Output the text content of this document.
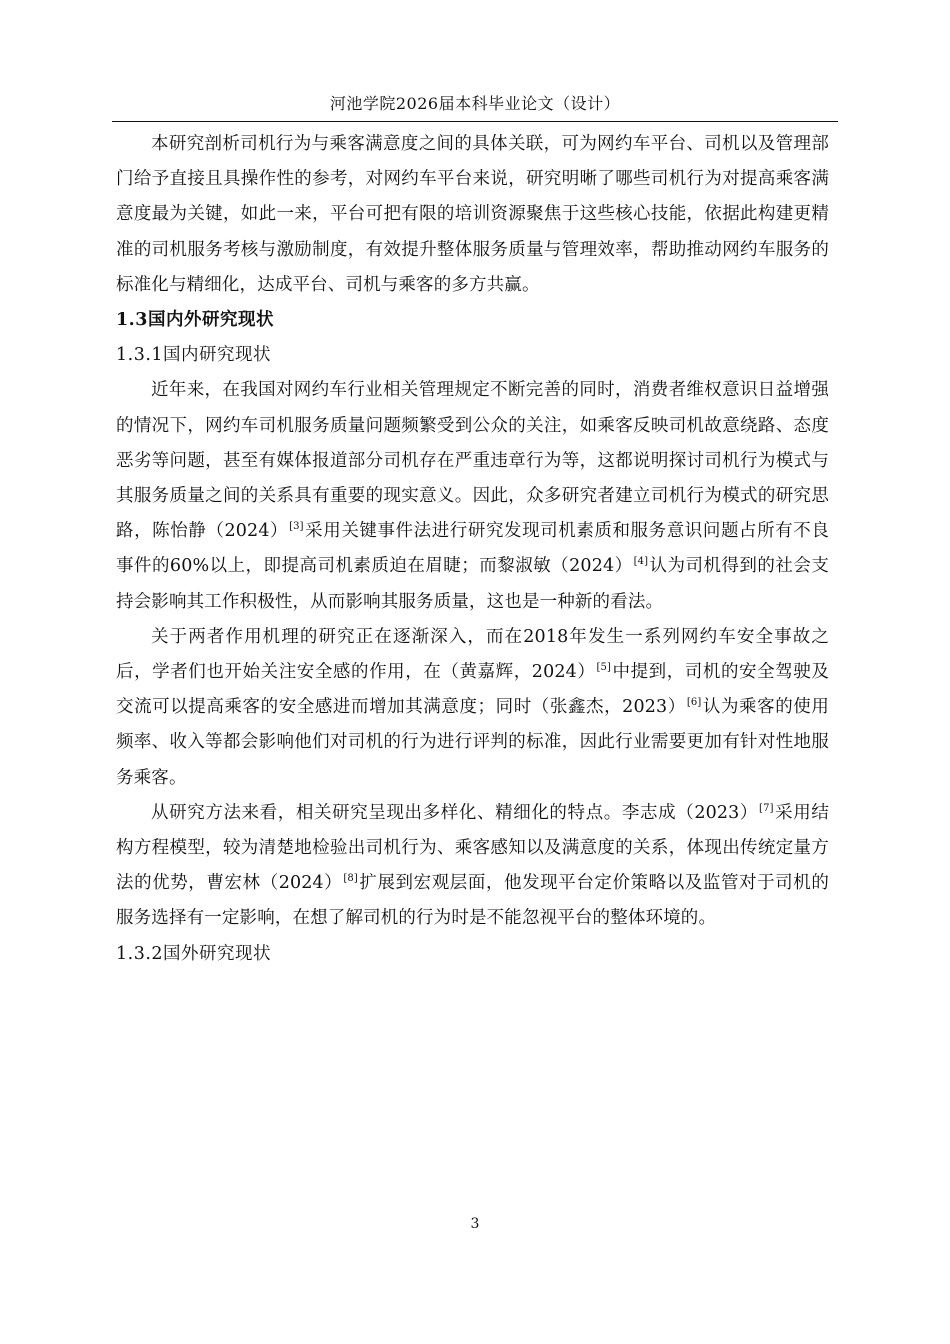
河池学院2026届本科毕业论文（设计）

本研究剖析司机行为与乘客满意度之间的具体关联，可为网约车平台、司机以及管理部门给予直接且具操作性的参考，对网约车平台来说，研究明晰了哪些司机行为对提高乘客满意度最为关键，如此一来，平台可把有限的培训资源聚焦于这些核心技能，依据此构建更精准的司机服务考核与激励制度，有效提升整体服务质量与管理效率，帮助推动网约车服务的标准化与精细化，达成平台、司机与乘客的多方共赢。

1.3国内外研究现状

1.3.1国内研究现状

近年来，在我国对网约车行业相关管理规定不断完善的同时，消费者维权意识日益增强的情况下，网约车司机服务质量问题频繁受到公众的关注，如乘客反映司机故意绕路、态度恶劣等问题，甚至有媒体报道部分司机存在严重违章行为等，这都说明探讨司机行为模式与其服务质量之间的关系具有重要的现实意义。因此，众多研究者建立司机行为模式的研究思路，陈怡静（2024）[3]采用关键事件法进行研究发现司机素质和服务意识问题占所有不良事件的60%以上，即提高司机素质迫在眉睫；而黎淑敏（2024）[4]认为司机得到的社会支持会影响其工作积极性，从而影响其服务质量，这也是一种新的看法。

关于两者作用机理的研究正在逐渐深入，而在2018年发生一系列网约车安全事故之后，学者们也开始关注安全感的作用，在（黄嘉辉，2024）[5]中提到，司机的安全驾驶及交流可以提高乘客的安全感进而增加其满意度；同时（张鑫杰，2023）[6]认为乘客的使用频率、收入等都会影响他们对司机的行为进行评判的标准，因此行业需要更加有针对性地服务乘客。

从研究方法来看，相关研究呈现出多样化、精细化的特点。李志成（2023）[7]采用结构方程模型，较为清楚地检验出司机行为、乘客感知以及满意度的关系，体现出传统定量方法的优势，曹宏林（2024）[8]扩展到宏观层面，他发现平台定价策略以及监管对于司机的服务选择有一定影响，在想了解司机的行为时是不能忽视平台的整体环境的。

1.3.2国外研究现状

3
